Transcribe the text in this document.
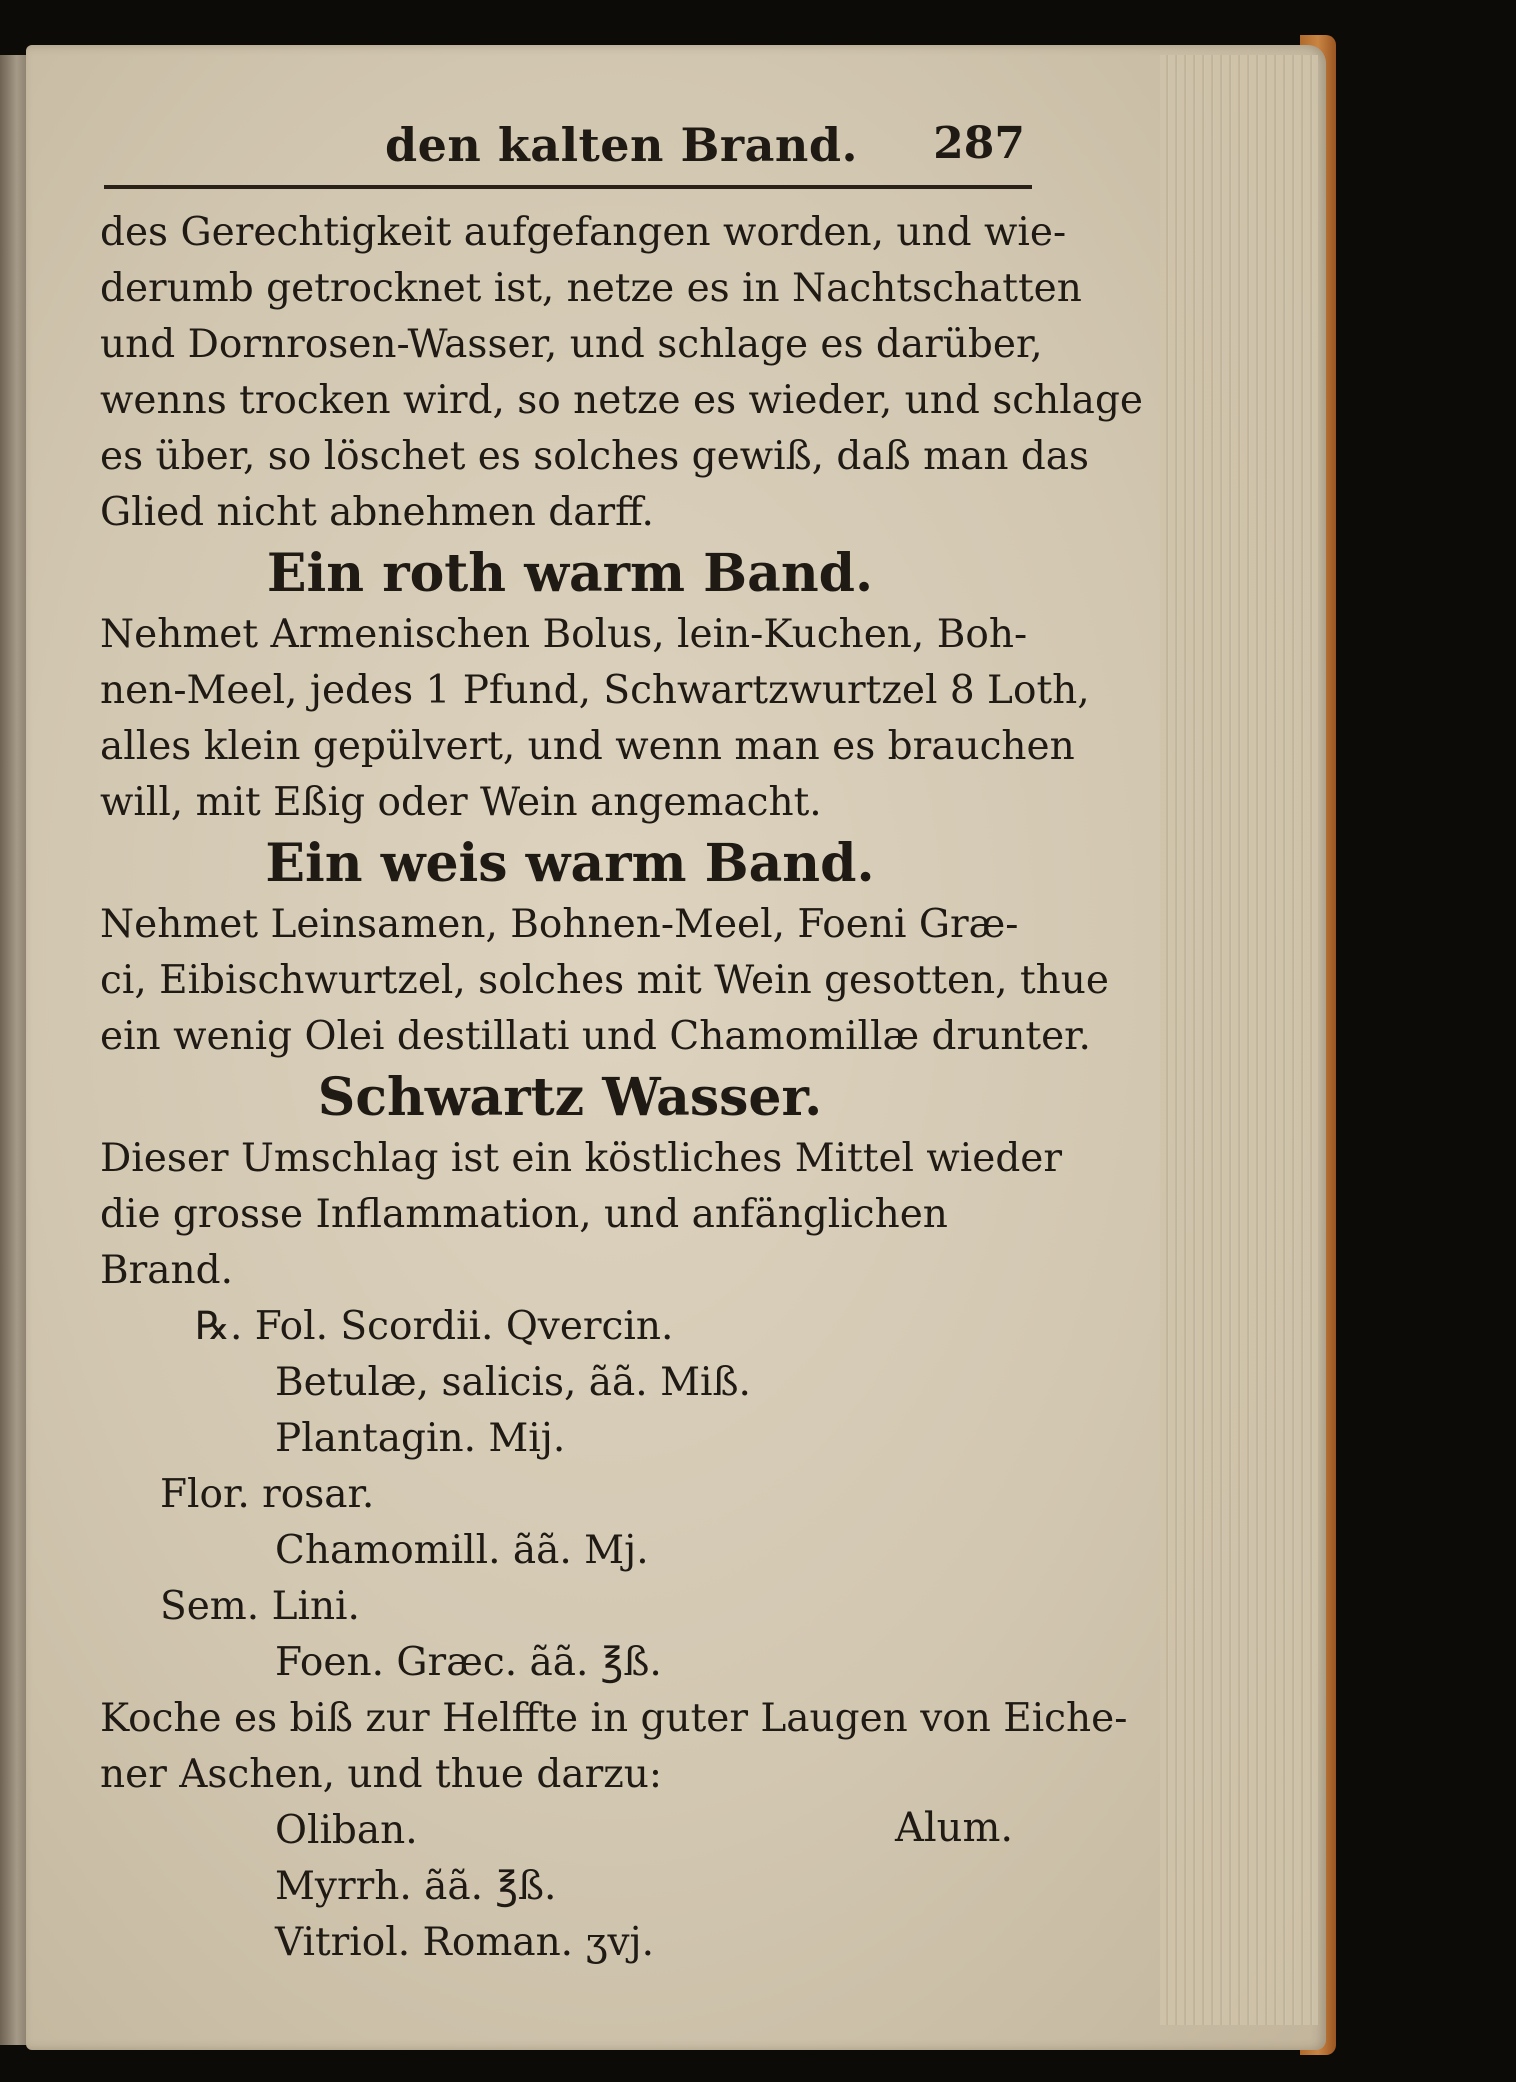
den kalten Brand. 287
des Gerechtigkeit aufgefangen worden, und wie-
derumb getrocknet ist, netze es in Nachtschatten
und Dornrosen-Wasser, und schlage es darüber,
wenns trocken wird, so netze es wieder, und schlage
es über, so löschet es solches gewiß, daß man das
Glied nicht abnehmen darff.
Ein roth warm Band.
Nehmet Armenischen Bolus, lein-Kuchen, Boh-
nen-Meel, jedes 1 Pfund, Schwartzwurtzel 8 Loth,
alles klein gepülvert, und wenn man es brauchen
will, mit Eßig oder Wein angemacht.
Ein weis warm Band.
Nehmet Leinsamen, Bohnen-Meel, Foeni Græ-
ci, Eibischwurtzel, solches mit Wein gesotten, thue
ein wenig Olei destillati und Chamomillæ drunter.
Schwartz Wasser.
Dieser Umschlag ist ein köstliches Mittel wieder
die grosse Inflammation, und anfänglichen
Brand.
℞. Fol. Scordii. Qvercin.
Betulæ, salicis, ãã. Miß.
Plantagin. Mij.
Flor. rosar.
Chamomill. ãã. Mj.
Sem. Lini.
Foen. Græc. ãã. ℥ß.
Koche es biß zur Helffte in guter Laugen von Eiche-
ner Aschen, und thue darzu:
Oliban.
Myrrh. ãã. ℥ß.
Vitriol. Roman. ʒvj.
Alum.
